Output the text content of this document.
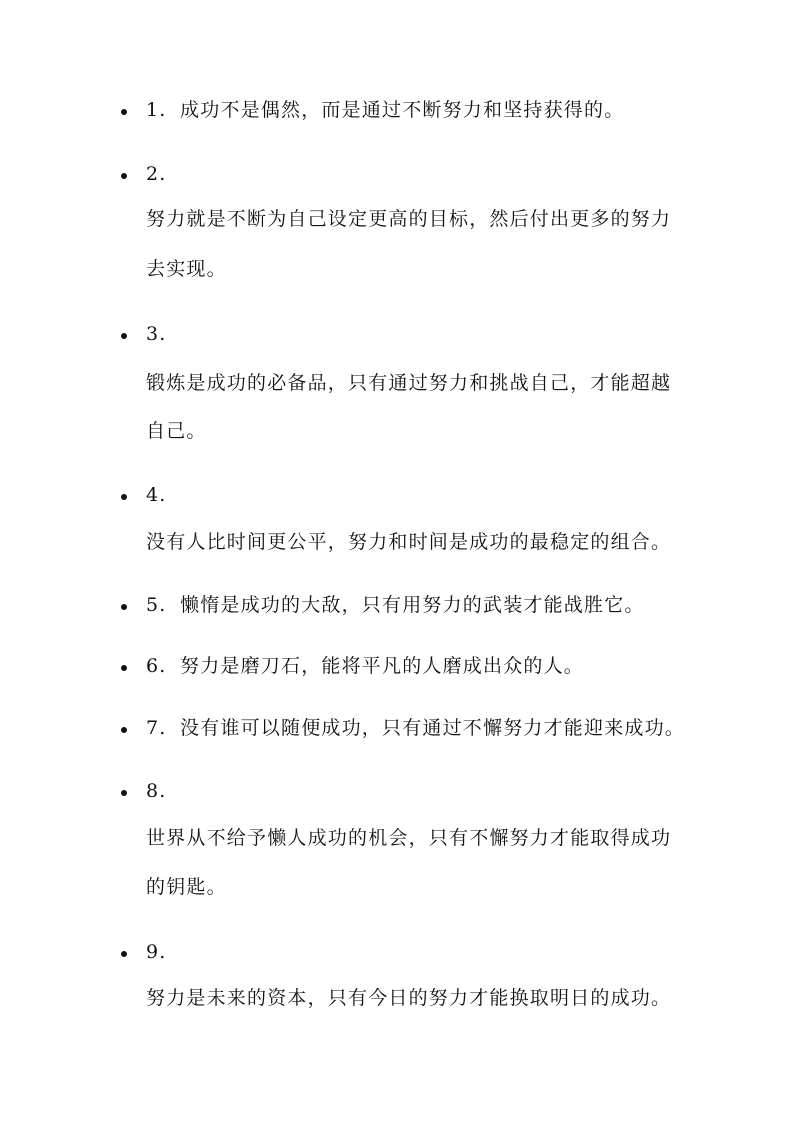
1. 成功不是偶然，而是通过不断努力和坚持获得的。
2.
努力就是不断为自己设定更高的目标，然后付出更多的努力
去实现。
3.
锻炼是成功的必备品，只有通过努力和挑战自己，才能超越
自己。
4.
没有人比时间更公平，努力和时间是成功的最稳定的组合。
5. 懒惰是成功的大敌，只有用努力的武装才能战胜它。
6. 努力是磨刀石，能将平凡的人磨成出众的人。
7. 没有谁可以随便成功，只有通过不懈努力才能迎来成功。
8.
世界从不给予懒人成功的机会，只有不懈努力才能取得成功
的钥匙。
9.
努力是未来的资本，只有今日的努力才能换取明日的成功。
